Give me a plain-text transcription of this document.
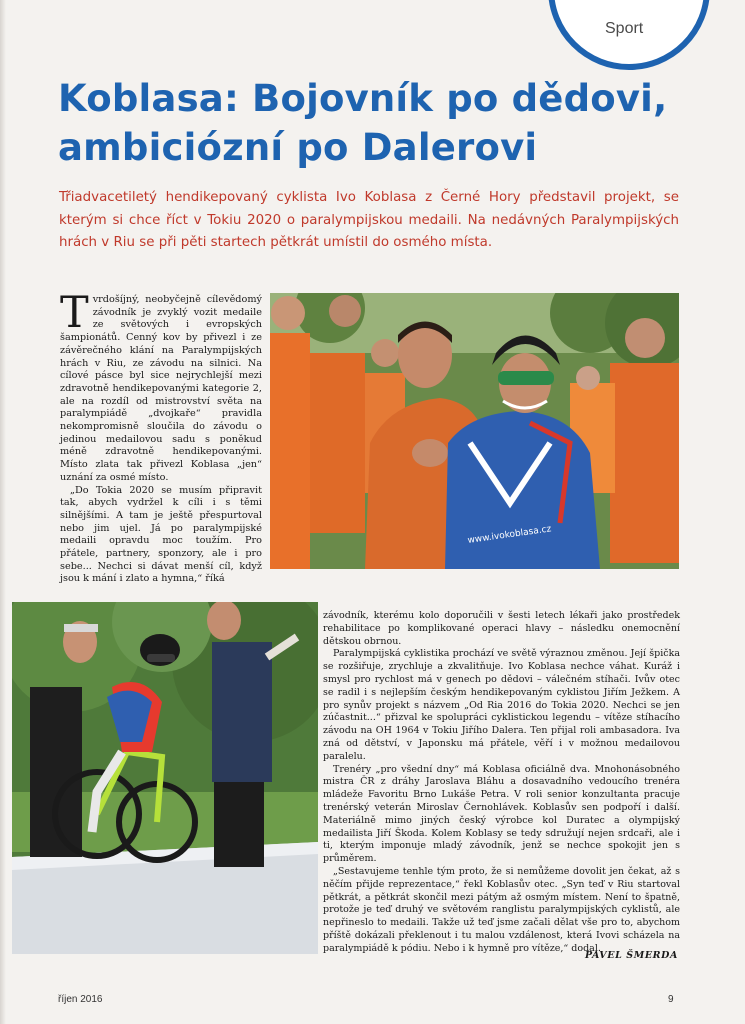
Sport
Koblasa: Bojovník po dědovi, ambiciózní po Dalerovi

Třiadvacetiletý hendikepovaný cyklista Ivo Koblasa z Černé Hory představil projekt, se kterým si chce říct v Tokiu 2020 o paralympijskou medaili. Na nedávných Paralympijských hrách v Riu se při pěti startech pětkrát umístil do osmého místa.

www.ivokoblasa.cz

Tvrdošíjný, neobyčejně cílevědomý závodník je zvyklý vozit medaile ze světových i evropských šampionátů. Cenný kov by přivezl i ze závěrečného klání na Paralympijských hrách v Riu, ze závodu na silnici. Na cílové pásce byl sice nejrychlejší mezi zdravotně hendikepovanými kategorie 2, ale na rozdíl od mistrovství světa na paralympiádě „dvojkaře“ pravidla nekompromisně sloučila do závodu o jedinou medailovou sadu s poněkud méně zdravotně hendikepovanými. Místo zlata tak přivezl Koblasa „jen“ uznání za osmé místo.

„Do Tokia 2020 se musím připravit tak, abych vydržel k cíli i s těmi silnějšími. A tam je ještě přespurtoval nebo jim ujel. Já po paralympijské medaili opravdu moc toužím. Pro přátele, partnery, sponzory, ale i pro sebe... Nechci si dávat menší cíl, když jsou k mání i zlato a hymna,“ říká

závodník, kterému kolo doporučili v šesti letech lékaři jako prostředek rehabilitace po komplikované operaci hlavy – následku onemocnění dětskou obrnou.

Paralympijská cyklistika prochází ve světě výraznou změnou. Její špička se rozšiřuje, zrychluje a zkvalitňuje. Ivo Koblasa nechce váhat. Kuráž i smysl pro rychlost má v genech po dědovi – válečném stíhači. Ivův otec se radil i s nejlepším českým hendikepovaným cyklistou Jiřím Ježkem. A pro synův projekt s názvem „Od Ria 2016 do Tokia 2020. Nechci se jen zúčastnit...“ přizval ke spolupráci cyklistickou legendu – vítěze stíhacího závodu na OH 1964 v Tokiu Jiřího Dalera. Ten přijal roli ambasadora. Iva zná od dětství, v Japonsku má přátele, věří i v možnou medailovou paralelu.

Trenéry „pro všední dny“ má Koblasa oficiálně dva. Mnohonásobného mistra ČR z dráhy Jaroslava Bláhu a dosavadního vedoucího trenéra mládeže Favoritu Brno Lukáše Petra. V roli senior konzultanta pracuje trenérský veterán Miroslav Černohlávek. Koblasův sen podpoří i další. Materiálně mimo jiných český výrobce kol Duratec a olympijský medailista Jiří Škoda. Kolem Koblasy se tedy sdružují nejen srdcaři, ale i ti, kterým imponuje mladý závodník, jenž se nechce spokojit jen s průměrem.

„Sestavujeme tenhle tým proto, že si nemůžeme dovolit jen čekat, až s něčím přijde reprezentace,“ řekl Koblasův otec. „Syn teď v Riu startoval pětkrát, a pětkrát skončil mezi pátým až osmým místem. Není to špatně, protože je teď druhý ve světovém ranglistu paralympijských cyklistů, ale nepřineslo to medaili. Takže už teď jsme začali dělat vše pro to, abychom příště dokázali překlenout i tu malou vzdálenost, která Ivovi scházela na paralympiádě k pódiu. Nebo i k hymně pro vítěze,“ dodal.

PAVEL ŠMERDA
říjen 2016	9
